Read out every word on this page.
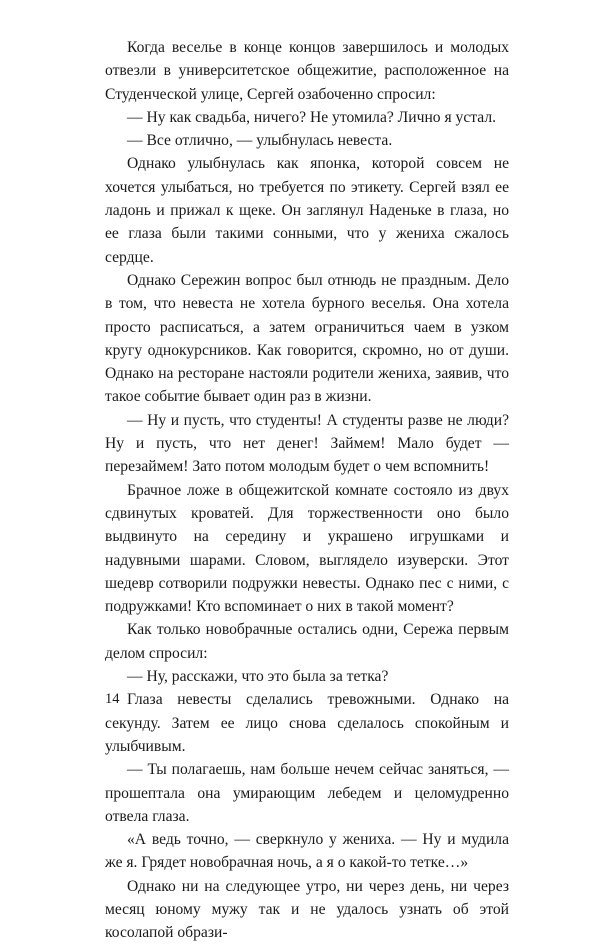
Когда веселье в конце концов завершилось и молодых отвезли в университетское общежитие, расположенное на Студенческой улице, Сергей озабоченно спросил:

— Ну как свадьба, ничего? Не утомила? Лично я устал.

— Все отлично, — улыбнулась невеста.

Однако улыбнулась как японка, которой совсем не хочется улыбаться, но требуется по этикету. Сергей взял ее ладонь и прижал к щеке. Он заглянул Наденьке в глаза, но ее глаза были такими сонными, что у жениха сжалось сердце.

Однако Сережин вопрос был отнюдь не праздным. Дело в том, что невеста не хотела бурного веселья. Она хотела просто расписаться, а затем ограничиться чаем в узком кругу однокурсников. Как говорится, скромно, но от души. Однако на ресторане настояли родители жениха, заявив, что такое событие бывает один раз в жизни.

— Ну и пусть, что студенты! А студенты разве не люди? Ну и пусть, что нет денег! Займем! Мало будет — перезаймем! Зато потом молодым будет о чем вспомнить!

Брачное ложе в общежитской комнате состояло из двух сдвинутых кроватей. Для торжественности оно было выдвинуто на середину и украшено игрушками и надувными шарами. Словом, выглядело изуверски. Этот шедевр сотворили подружки невесты. Однако пес с ними, с подружками! Кто вспоминает о них в такой момент?

Как только новобрачные остались одни, Сережа первым делом спросил:

— Ну, расскажи, что это была за тетка?

Глаза невесты сделались тревожными. Однако на секунду. Затем ее лицо снова сделалось спокойным и улыбчивым.

— Ты полагаешь, нам больше нечем сейчас заняться, — прошептала она умирающим лебедем и целомудренно отвела глаза.

«А ведь точно, — сверкнуло у жениха. — Ну и мудила же я. Грядет новобрачная ночь, а я о какой-то тетке…»

Однако ни на следующее утро, ни через день, ни через месяц юному мужу так и не удалось узнать об этой косолапой образи-

14
